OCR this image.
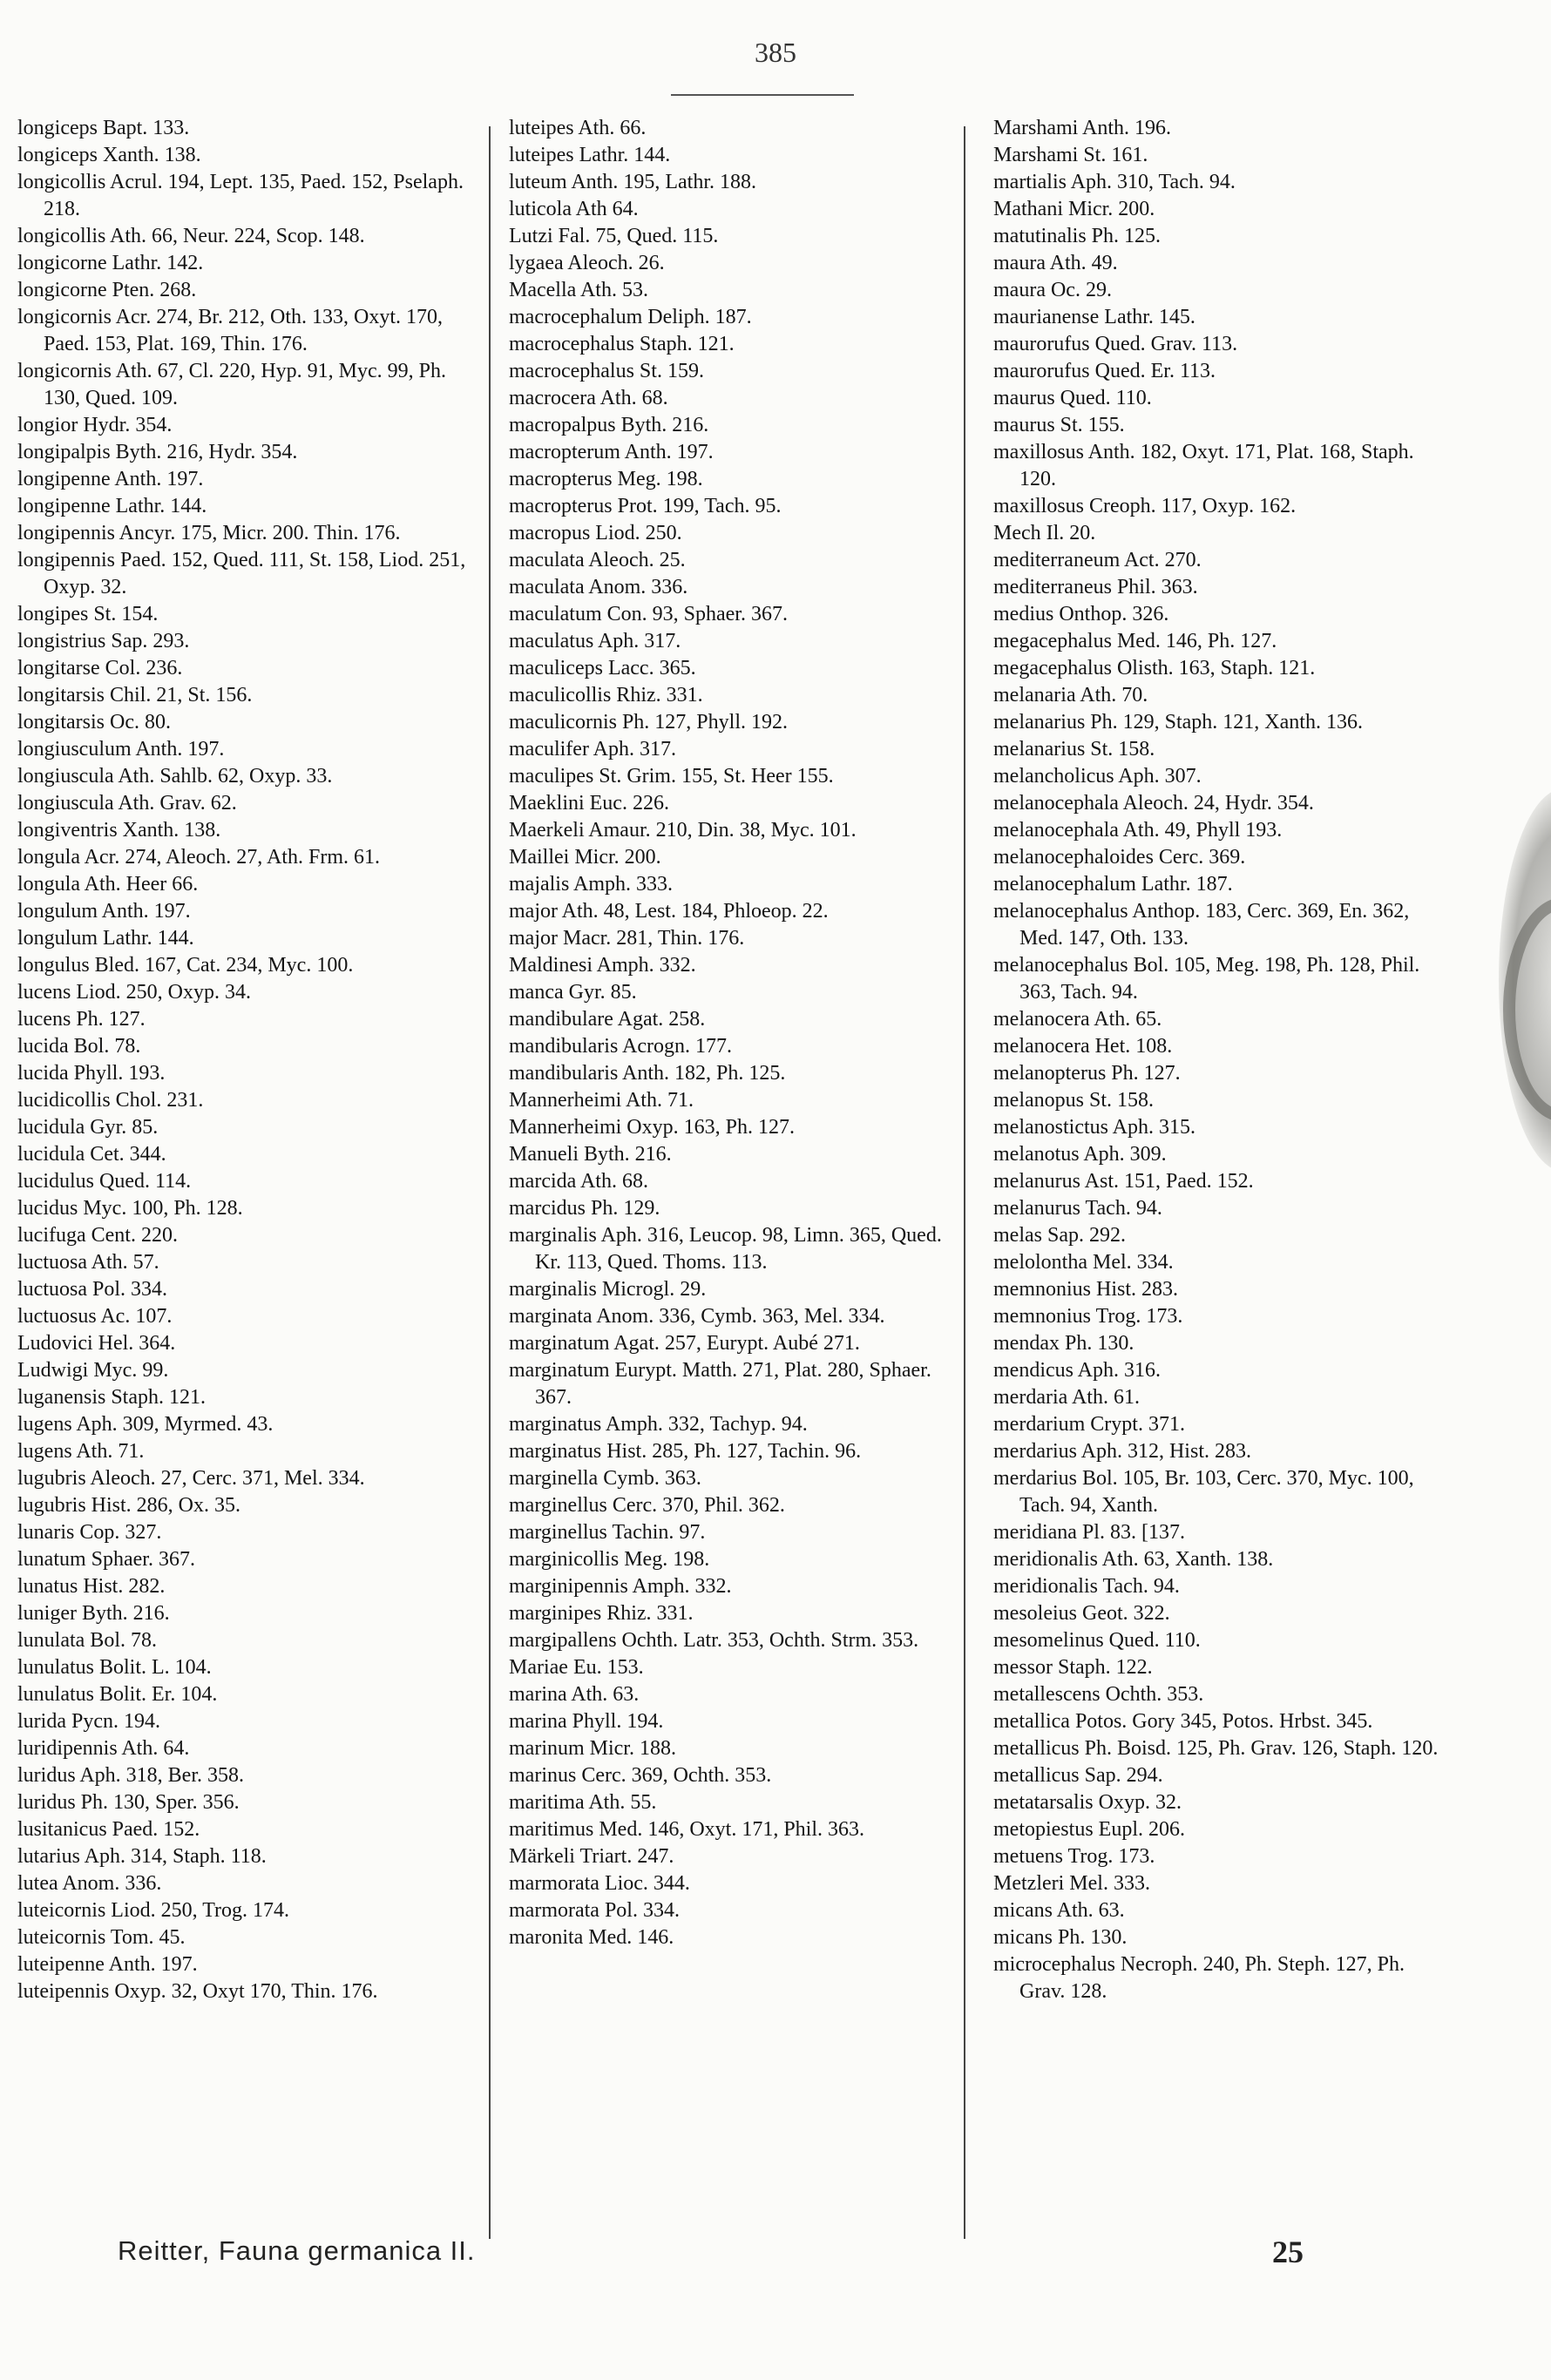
385
longiceps Bapt. 133.
longiceps Xanth. 138.
longicollis Acrul. 194, Lept. 135, Paed. 152, Pselaph. 218.
longicollis Ath. 66, Neur. 224, Scop. 148.
longicorne Lathr. 142.
longicorne Pten. 268.
longicornis Acr. 274, Br. 212, Oth. 133, Oxyt. 170, Paed. 153, Plat. 169, Thin. 176.
longicornis Ath. 67, Cl. 220, Hyp. 91, Myc. 99, Ph. 130, Qued. 109.
longior Hydr. 354.
longipalpis Byth. 216, Hydr. 354.
longipenne Anth. 197.
longipenne Lathr. 144.
longipennis Ancyr. 175, Micr. 200. Thin. 176.
longipennis Paed. 152, Qued. 111, St. 158, Liod. 251, Oxyp. 32.
longipes St. 154.
longistrius Sap. 293.
longitarse Col. 236.
longitarsis Chil. 21, St. 156.
longitarsis Oc. 80.
longiusculum Anth. 197.
longiuscula Ath. Sahlb. 62, Oxyp. 33.
longiuscula Ath. Grav. 62.
longiventris Xanth. 138.
longula Acr. 274, Aleoch. 27, Ath. Frm. 61.
longula Ath. Heer 66.
longulum Anth. 197.
longulum Lathr. 144.
longulus Bled. 167, Cat. 234, Myc. 100.
lucens Liod. 250, Oxyp. 34.
lucens Ph. 127.
lucida Bol. 78.
lucida Phyll. 193.
lucidicollis Chol. 231.
lucidula Gyr. 85.
lucidula Cet. 344.
lucidulus Qued. 114.
lucidus Myc. 100, Ph. 128.
lucifuga Cent. 220.
luctuosa Ath. 57.
luctuosa Pol. 334.
luctuosus Ac. 107.
Ludovici Hel. 364.
Ludwigi Myc. 99.
luganensis Staph. 121.
lugens Aph. 309, Myrmed. 43.
lugens Ath. 71.
lugubris Aleoch. 27, Cerc. 371, Mel. 334.
lugubris Hist. 286, Ox. 35.
lunaris Cop. 327.
lunatum Sphaer. 367.
lunatus Hist. 282.
luniger Byth. 216.
lunulata Bol. 78.
lunulatus Bolit. L. 104.
lunulatus Bolit. Er. 104.
lurida Pycn. 194.
luridipennis Ath. 64.
luridus Aph. 318, Ber. 358.
luridus Ph. 130, Sper. 356.
lusitanicus Paed. 152.
lutarius Aph. 314, Staph. 118.
lutea Anom. 336.
luteicornis Liod. 250, Trog. 174.
luteicornis Tom. 45.
luteipenne Anth. 197.
luteipennis Oxyp. 32, Oxyt 170, Thin. 176.
luteipes Ath. 66.
luteipes Lathr. 144.
luteum Anth. 195, Lathr. 188.
luticola Ath 64.
Lutzi Fal. 75, Qued. 115.
lygaea Aleoch. 26.
Macella Ath. 53.
macrocephalum Deliph. 187.
macrocephalus Staph. 121.
macrocephalus St. 159.
macrocera Ath. 68.
macropalpus Byth. 216.
macropterum Anth. 197.
macropterus Meg. 198.
macropterus Prot. 199, Tach. 95.
macropus Liod. 250.
maculata Aleoch. 25.
maculata Anom. 336.
maculatum Con. 93, Sphaer. 367.
maculatus Aph. 317.
maculiceps Lacc. 365.
maculicollis Rhiz. 331.
maculicornis Ph. 127, Phyll. 192.
maculifer Aph. 317.
maculipes St. Grim. 155, St. Heer 155.
Maeklini Euc. 226.
Maerkeli Amaur. 210, Din. 38, Myc. 101.
Maillei Micr. 200.
majalis Amph. 333.
major Ath. 48, Lest. 184, Phloeop. 22.
major Macr. 281, Thin. 176.
Maldinesi Amph. 332.
manca Gyr. 85.
mandibulare Agat. 258.
mandibularis Acrogn. 177.
mandibularis Anth. 182, Ph. 125.
Mannerheimi Ath. 71.
Mannerheimi Oxyp. 163, Ph. 127.
Manueli Byth. 216.
marcida Ath. 68.
marcidus Ph. 129.
marginalis Aph. 316, Leucop. 98, Limn. 365, Qued. Kr. 113, Qued. Thoms. 113.
marginalis Microgl. 29.
marginata Anom. 336, Cymb. 363, Mel. 334.
marginatum Agat. 257, Eurypt. Aubé 271.
marginatum Eurypt. Matth. 271, Plat. 280, Sphaer. 367.
marginatus Amph. 332, Tachyp. 94.
marginatus Hist. 285, Ph. 127, Tachin. 96.
marginella Cymb. 363.
marginellus Cerc. 370, Phil. 362.
marginellus Tachin. 97.
marginicollis Meg. 198.
marginipennis Amph. 332.
marginipes Rhiz. 331.
margipallens Ochth. Latr. 353, Ochth. Strm. 353.
Mariae Eu. 153.
marina Ath. 63.
marina Phyll. 194.
marinum Micr. 188.
marinus Cerc. 369, Ochth. 353.
maritima Ath. 55.
maritimus Med. 146, Oxyt. 171, Phil. 363.
Märkeli Triart. 247.
marmorata Lioc. 344.
marmorata Pol. 334.
maronita Med. 146.
Marshami Anth. 196.
Marshami St. 161.
martialis Aph. 310, Tach. 94.
Mathani Micr. 200.
matutinalis Ph. 125.
maura Ath. 49.
maura Oc. 29.
maurianense Lathr. 145.
maurorufus Qued. Grav. 113.
maurorufus Qued. Er. 113.
maurus Qued. 110.
maurus St. 155.
maxillosus Anth. 182, Oxyt. 171, Plat. 168, Staph. 120.
maxillosus Creoph. 117, Oxyp. 162.
Mech Il. 20.
mediterraneum Act. 270.
mediterraneus Phil. 363.
medius Onthop. 326.
megacephalus Med. 146, Ph. 127.
megacephalus Olisth. 163, Staph. 121.
melanaria Ath. 70.
melanarius Ph. 129, Staph. 121, Xanth. 136.
melanarius St. 158.
melancholicus Aph. 307.
melanocephala Aleoch. 24, Hydr. 354.
melanocephala Ath. 49, Phyll 193.
melanocephaloides Cerc. 369.
melanocephalum Lathr. 187.
melanocephalus Anthop. 183, Cerc. 369, En. 362, Med. 147, Oth. 133.
melanocephalus Bol. 105, Meg. 198, Ph. 128, Phil. 363, Tach. 94.
melanocera Ath. 65.
melanocera Het. 108.
melanopterus Ph. 127.
melanopus St. 158.
melanostictus Aph. 315.
melanotus Aph. 309.
melanurus Ast. 151, Paed. 152.
melanurus Tach. 94.
melas Sap. 292.
melolontha Mel. 334.
memnonius Hist. 283.
memnonius Trog. 173.
mendax Ph. 130.
mendicus Aph. 316.
merdaria Ath. 61.
merdarium Crypt. 371.
merdarius Aph. 312, Hist. 283.
merdarius Bol. 105, Br. 103, Cerc. 370, Myc. 100, Tach. 94, Xanth.
meridiana Pl. 83. [137.
meridionalis Ath. 63, Xanth. 138.
meridionalis Tach. 94.
mesoleius Geot. 322.
mesomelinus Qued. 110.
messor Staph. 122.
metallescens Ochth. 353.
metallica Potos. Gory 345, Potos. Hrbst. 345.
metallicus Ph. Boisd. 125, Ph. Grav. 126, Staph. 120.
metallicus Sap. 294.
metatarsalis Oxyp. 32.
metopiestus Eupl. 206.
metuens Trog. 173.
Metzleri Mel. 333.
micans Ath. 63.
micans Ph. 130.
microcephalus Necroph. 240, Ph. Steph. 127, Ph. Grav. 128.
Reitter, Fauna germanica II.	25
